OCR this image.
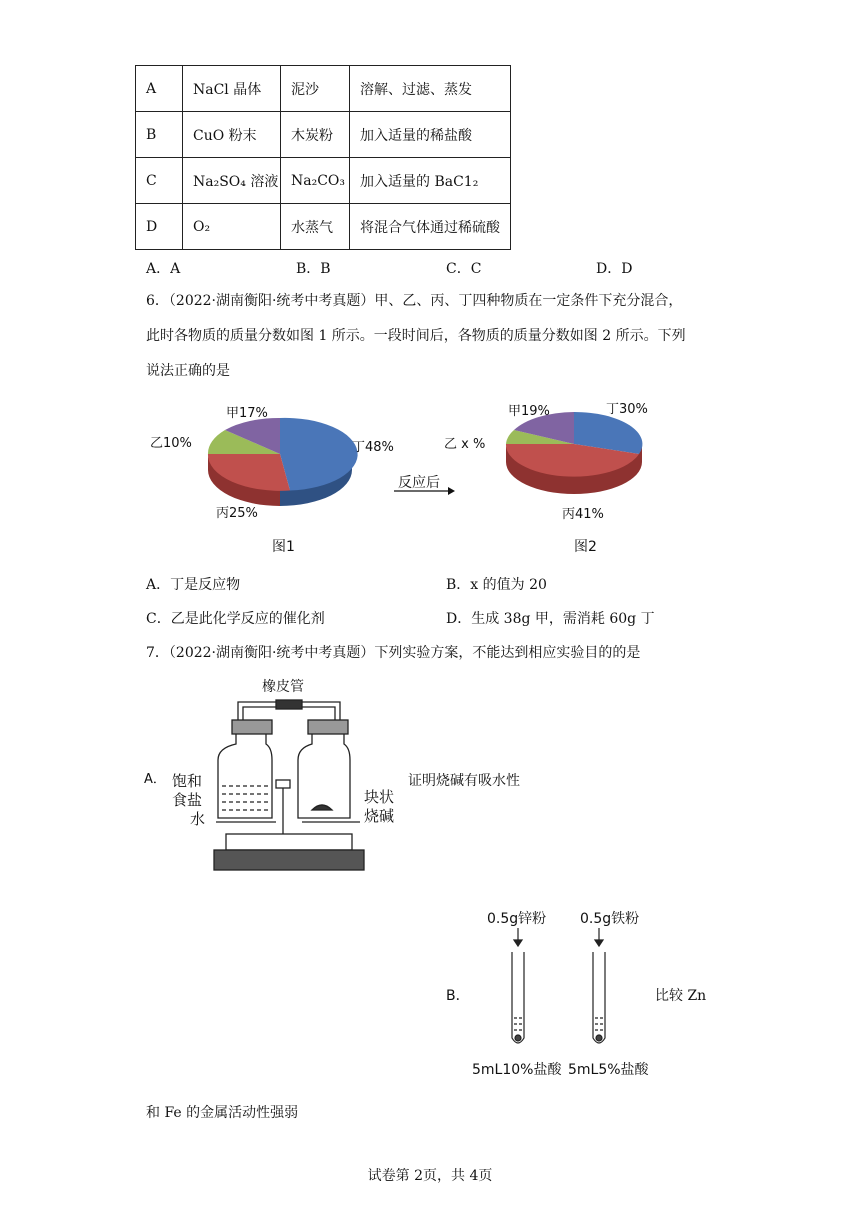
A	NaCl 晶体	泥沙	溶解、过滤、蒸发
B	CuO 粉末	木炭粉	加入适量的稀盐酸
C	Na₂SO₄ 溶液	Na₂CO₃	加入适量的 BaC1₂
D	O₂	水蒸气	将混合气体通过稀硫酸
A．A	B．B	C．C	D．D
6．（2022·湖南衡阳·统考中考真题）甲、乙、丙、丁四种物质在一定条件下充分混合，
此时各物质的质量分数如图 1 所示。一段时间后，各物质的质量分数如图 2 所示。下列
说法正确的是
甲17%
乙10%	丁48%
丙25%
图1
反应后
甲19%	丁30%
乙 x %
丙41%
图2
A．丁是反应物	B．x 的值为 20
C．乙是此化学反应的催化剂	D．生成 38g 甲，需消耗 60g 丁
7．（2022·湖南衡阳·统考中考真题）下列实验方案，不能达到相应实验目的的是
橡皮管
A． 饱和
食盐
水
块状
烧碱
证明烧碱有吸水性
0.5g锌粉 0.5g铁粉
B．	比较 Zn
5mL10%盐酸 5mL5%盐酸
和 Fe 的金属活动性强弱
试卷第 2页，共 4页
